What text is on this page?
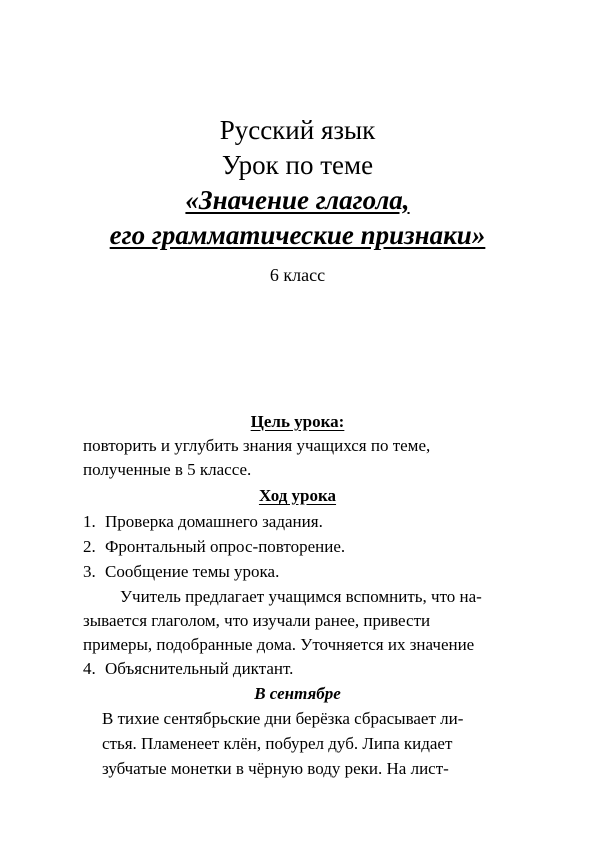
Русский язык
Урок по теме
«Значение глагола,
его грамматические признаки»
6 класс
Цель урока:
повторить и углубить знания учащихся по теме,
полученные в 5 классе.
Ход урока
1. Проверка домашнего задания.
2. Фронтальный опрос-повторение.
3. Сообщение темы урока.
Учитель предлагает учащимся вспомнить, что на-
зывается глаголом, что изучали ранее, привести
примеры, подобранные дома. Уточняется их значение
4. Объяснительный диктант.
В сентябре
В тихие сентябрьские дни берёзка сбрасывает ли-
стья. Пламенеет клён, побурел дуб. Липа кидает
зубчатые монетки в чёрную воду реки. На лист-
